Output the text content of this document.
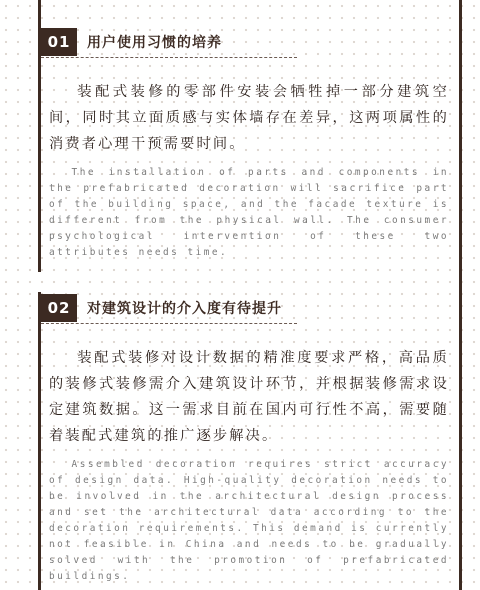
01	用户使用习惯的培养
装配式装修的零部件安装会牺牲掉一部分建筑空间，同时其立面质感与实体墙存在差异，这两项属性的消费者心理干预需要时间。
The installation of parts and components in the prefabricated decoration will sacrifice part of the building space, and the facade texture is different from the physical wall. The consumer psychological intervention of these two attributes needs time.
02	对建筑设计的介入度有待提升
装配式装修对设计数据的精准度要求严格，高品质的装修式装修需介入建筑设计环节，并根据装修需求设定建筑数据。这一需求目前在国内可行性不高，需要随着装配式建筑的推广逐步解决。
Assembled decoration requires strict accuracy of design data. High-quality decoration needs to be involved in the architectural design process and set the architectural data according to the decoration requirements. This demand is currently not feasible in China and needs to be gradually solved with the promotion of prefabricated buildings.
